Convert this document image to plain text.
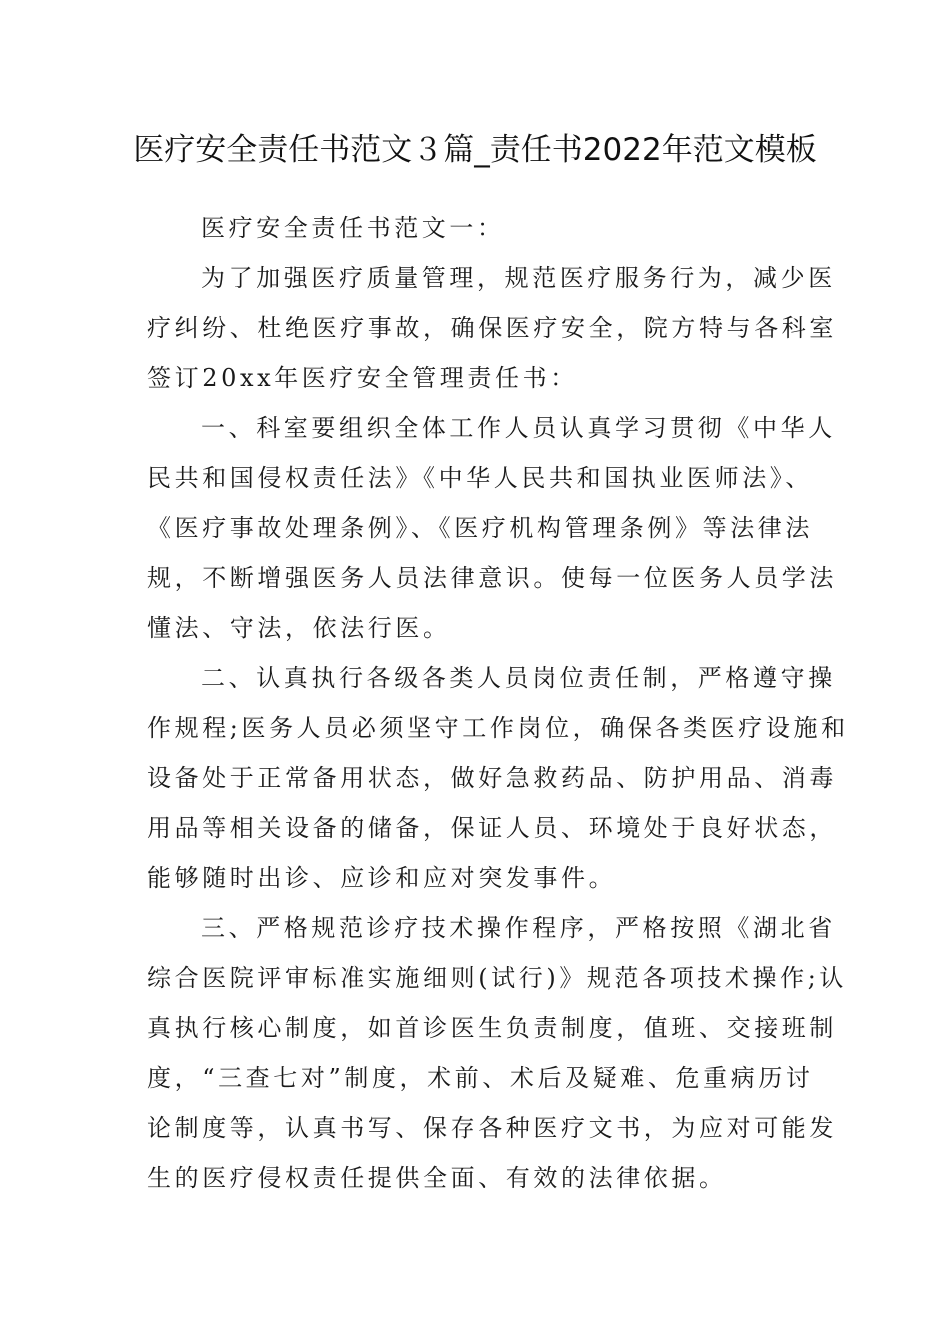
医疗安全责任书范文３篇_责任书2022年范文模板
医疗安全责任书范文一：
为了加强医疗质量管理，规范医疗服务行为，减少医
疗纠纷、杜绝医疗事故，确保医疗安全，院方特与各科室
签订20xx年医疗安全管理责任书：
一、科室要组织全体工作人员认真学习贯彻《中华人
民共和国侵权责任法》《中华人民共和国执业医师法》、
《医疗事故处理条例》、《医疗机构管理条例》等法律法
规，不断增强医务人员法律意识。使每一位医务人员学法
懂法、守法，依法行医。
二、认真执行各级各类人员岗位责任制，严格遵守操
作规程;医务人员必须坚守工作岗位，确保各类医疗设施和
设备处于正常备用状态，做好急救药品、防护用品、消毒
用品等相关设备的储备，保证人员、环境处于良好状态，
能够随时出诊、应诊和应对突发事件。
三、严格规范诊疗技术操作程序，严格按照《湖北省
综合医院评审标准实施细则(试行)》规范各项技术操作;认
真执行核心制度，如首诊医生负责制度，值班、交接班制
度，“三查七对”制度，术前、术后及疑难、危重病历讨
论制度等，认真书写、保存各种医疗文书，为应对可能发
生的医疗侵权责任提供全面、有效的法律依据。
